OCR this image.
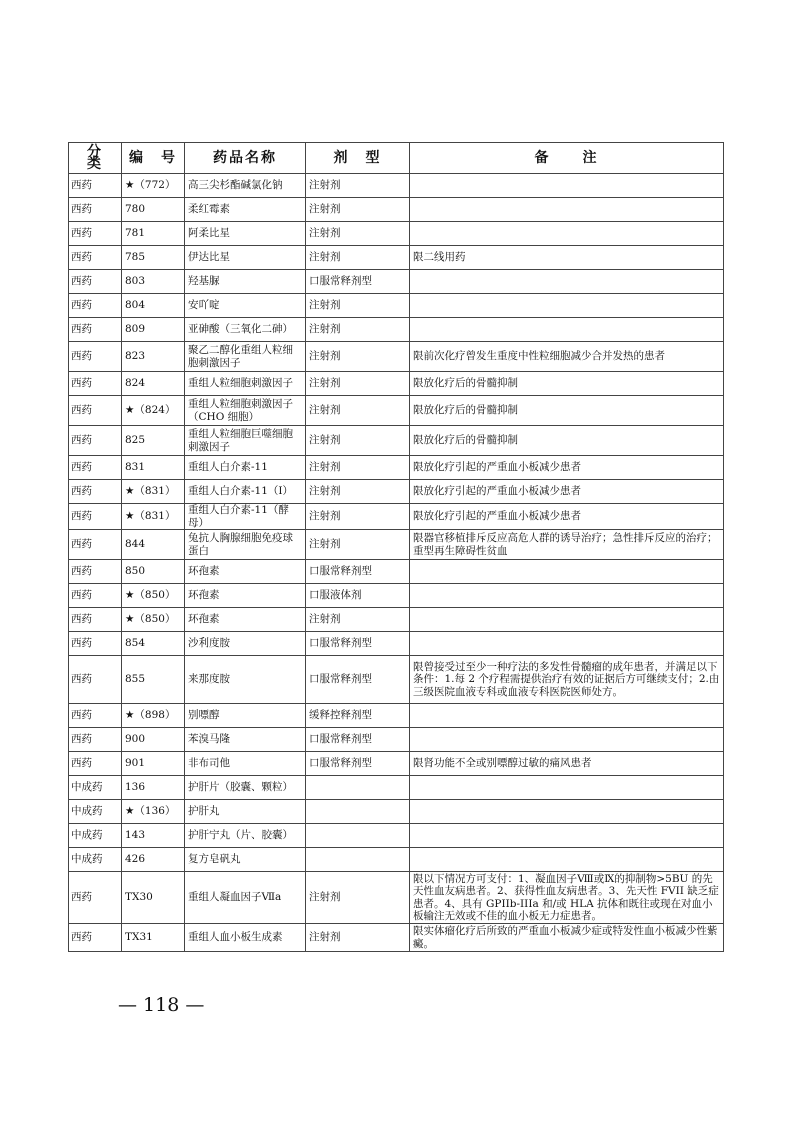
分　类	编　号	药品名称	剂　型	备　　注
西药	★（772）	高三尖杉酯碱氯化钠	注射剂	
西药	780	柔红霉素	注射剂	
西药	781	阿柔比星	注射剂	
西药	785	伊达比星	注射剂	限二线用药
西药	803	羟基脲	口服常释剂型	
西药	804	安吖啶	注射剂	
西药	809	亚砷酸（三氧化二砷）	注射剂	
西药	823	聚乙二醇化重组人粒细胞刺激因子	注射剂	限前次化疗曾发生重度中性粒细胞减少合并发热的患者
西药	824	重组人粒细胞刺激因子	注射剂	限放化疗后的骨髓抑制
西药	★（824）	重组人粒细胞刺激因子（CHO 细胞）	注射剂	限放化疗后的骨髓抑制
西药	825	重组人粒细胞巨噬细胞刺激因子	注射剂	限放化疗后的骨髓抑制
西药	831	重组人白介素-11	注射剂	限放化疗引起的严重血小板减少患者
西药	★（831）	重组人白介素-11（Ⅰ）	注射剂	限放化疗引起的严重血小板减少患者
西药	★（831）	重组人白介素-11（酵母）	注射剂	限放化疗引起的严重血小板减少患者
西药	844	兔抗人胸腺细胞免疫球蛋白	注射剂	限器官移植排斥反应高危人群的诱导治疗；急性排斥反应的治疗；重型再生障碍性贫血
西药	850	环孢素	口服常释剂型	
西药	★（850）	环孢素	口服液体剂	
西药	★（850）	环孢素	注射剂	
西药	854	沙利度胺	口服常释剂型	
西药	855	来那度胺	口服常释剂型	限曾接受过至少一种疗法的多发性骨髓瘤的成年患者，并满足以下条件：1.每 2 个疗程需提供治疗有效的证据后方可继续支付；2.由三级医院血液专科或血液专科医院医师处方。
西药	★（898）	别嘌醇	缓释控释剂型	
西药	900	苯溴马隆	口服常释剂型	
西药	901	非布司他	口服常释剂型	限肾功能不全或别嘌醇过敏的痛风患者
中成药	136	护肝片（胶囊、颗粒）		
中成药	★（136）	护肝丸		
中成药	143	护肝宁丸（片、胶囊）		
中成药	426	复方皂矾丸		
西药	TX30	重组人凝血因子Ⅶa	注射剂	限以下情况方可支付：1、凝血因子Ⅷ或Ⅸ的抑制物>5BU 的先天性血友病患者。2、获得性血友病患者。3、先天性 FVII 缺乏症患者。4、具有 GPIIb-IIIa 和/或 HLA 抗体和既往或现在对血小板输注无效或不佳的血小板无力症患者。
西药	TX31	重组人血小板生成素	注射剂	限实体瘤化疗后所致的严重血小板减少症或特发性血小板减少性紫癜。
— 118 —
